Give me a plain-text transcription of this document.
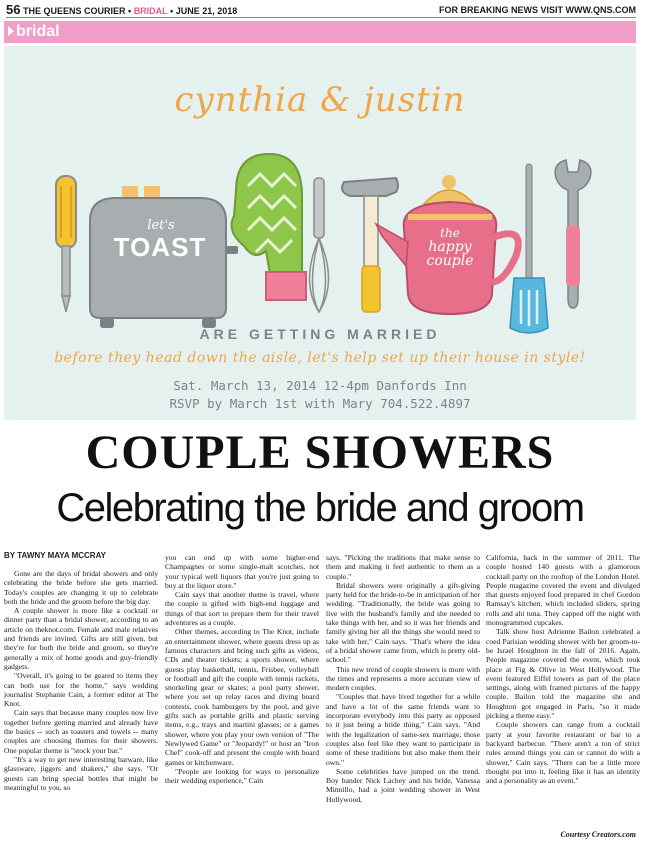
56 THE QUEENS COURIER • BRIDAL • JUNE 21, 2018	FOR BREAKING NEWS VISIT WWW.QNS.COM
bridal
cynthia & justin
let's
TOAST	the
happy
couple
ARE GETTING MARRIED
before they head down the aisle, let's help set up their house in style!
Sat. March 13, 2014 12-4pm Danfords Inn
RSVP by March 1st with Mary 704.522.4897
COUPLE SHOWERS
Celebrating the bride and groom
BY TAWNY MAYA MCCRAY

Gone are the days of bridal showers and only celebrating the bride before she gets married. Today's couples are changing it up to celebrate both the bride and the groom before the big day.

A couple shower is more like a cocktail or dinner party than a bridal shower, according to an article on theknot.com. Female and male relatives and friends are invited. Gifts are still given, but they're for both the bride and groom, so they're generally a mix of home goods and guy-friendly gadgets.

"Overall, it's going to be geared to items they can both use for the home," says wedding journalist Stephanie Cain, a former editor at The Knot.

Cain says that because many couples now live together before getting married and already have the basics -- such as toasters and towels -- many couples are choosing themes for their showers. One popular theme is "stock your bar."

"It's a way to get new interesting barware, like glassware, jiggers and shakers," she says. "Or guests can bring special bottles that might be meaningful to you, so

you can end up with some higher-end Champagnes or some single-malt scotches, not your typical well liquors that you're just going to buy at the liquor store."

Cain says that another theme is travel, where the couple is gifted with high-end luggage and things of that sort to prepare them for their travel adventures as a couple.

Other themes, according to The Knot, include an entertainment shower, where guests dress up as famous characters and bring such gifts as videos, CDs and theater tickets; a sports shower, where guests play basketball, tennis, Frisbee, volleyball or football and gift the couple with tennis rackets, snorkeling gear or skates; a pool party shower, where you set up relay races and diving board contests, cook hamburgers by the pool, and give gifts such as portable grills and plastic serving items, e.g., trays and martini glasses; or a games shower, where you play your own version of "The Newlywed Game" or "Jeopardy!" or host an "Iron Chef" cook-off and present the couple with board games or kitchenware.

"People are looking for ways to personalize their wedding experience," Cain

says. "Picking the traditions that make sense to them and making it feel authentic to them as a couple."

Bridal showers were originally a gift-giving party held for the bride-to-be in anticipation of her wedding. "Traditionally, the bride was going to live with the husband's family and she needed to take things with her, and so it was her friends and family giving her all the things she would need to take with her," Cain says. "That's where the idea of a bridal shower came from, which is pretty old-school."

This new trend of couple showers is more with the times and represents a more accurate view of modern couples.

"Couples that have lived together for a while and have a lot of the same friends want to incorporate everybody into this party as opposed to it just being a bride thing," Cain says. "And with the legalization of same-sex marriage, those couples also feel like they want to participate in some of these traditions but also make them their own."

Some celebrities have jumped on the trend. Boy bander Nick Lachey and his bride, Vanessa Minnillo, had a joint wedding shower in West Hollywood,

California, back in the summer of 2011. The couple hosted 140 guests with a glamorous cocktail party on the rooftop of the London Hotel. People magazine covered the event and divulged that guests enjoyed food prepared in chef Gordon Ramsay's kitchen, which included sliders, spring rolls and ahi tuna. They capped off the night with monogrammed cupcakes.

Talk show host Adrienne Bailon celebrated a coed Parisian wedding shower with her groom-to-be Israel Houghton in the fall of 2016. Again, People magazine covered the event, which took place at Fig & Olive in West Hollywood. The event featured Eiffel towers as part of the place settings, along with framed pictures of the happy couple. Bailon told the magazine she and Houghton got engaged in Paris, "so it made picking a theme easy."

Couple showers can range from a cocktail party at your favorite restaurant or bar to a backyard barbecue. "There aren't a ton of strict rules around things you can or cannot do with a shower," Cain says. "There can be a little more thought put into it, feeling like it has an identity and a personality as an event."

Courtesy Creators.com
